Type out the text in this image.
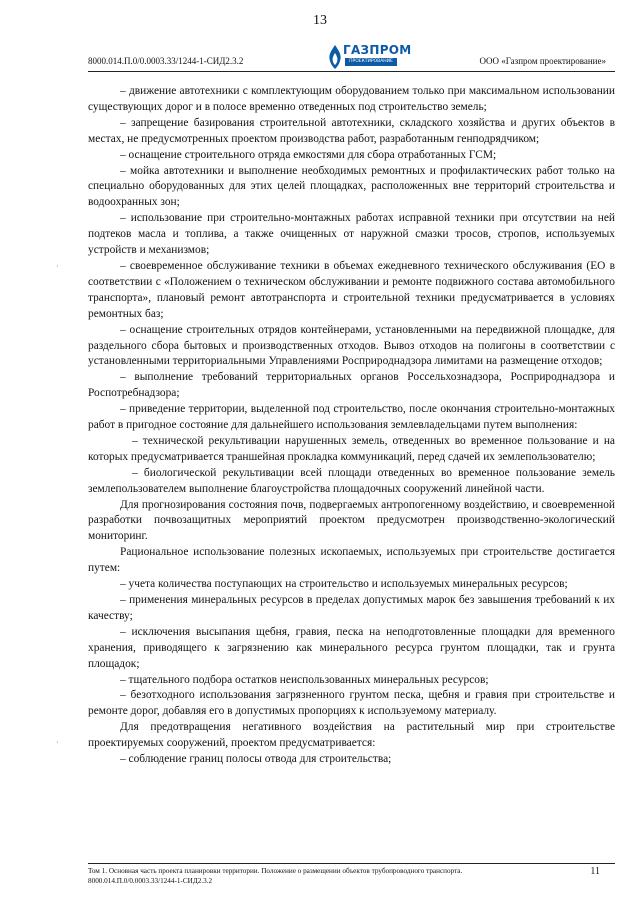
13
8000.014.П.0/0.0003.33/1244-1-СИД2.3.2
ГАЗПРОМ
ПРОЕКТИРОВАНИЕ	ООО «Газпром проектирование»

– движение автотехники с комплектующим оборудованием только при максимальном использовании существующих дорог и в полосе временно отведенных под строительство земель;

– запрещение базирования строительной автотехники, складского хозяйства и других объектов в местах, не предусмотренных проектом производства работ, разработанным генподрядчиком;

– оснащение строительного отряда емкостями для сбора отработанных ГСМ;

– мойка автотехники и выполнение необходимых ремонтных и профилактических работ только на специально оборудованных для этих целей площадках, расположенных вне территорий строительства и водоохранных зон;

– использование при строительно-монтажных работах исправной техники при отсутствии на ней подтеков масла и топлива, а также очищенных от наружной смазки тросов, стропов, используемых устройств и механизмов;

– своевременное обслуживание техники в объемах ежедневного технического обслуживания (ЕО в соответствии с «Положением о техническом обслуживании и ремонте подвижного состава автомобильного транспорта», плановый ремонт автотранспорта и строительной техники предусматривается в условиях ремонтных баз;

– оснащение строительных отрядов контейнерами, установленными на передвижной площадке, для раздельного сбора бытовых и производственных отходов. Вывоз отходов на полигоны в соответствии с установленными территориальными Управлениями Росприроднадзора лимитами на размещение отходов;

– выполнение требований территориальных органов Россельхознадзора, Росприроднадзора и Роспотребнадзора;

– приведение территории, выделенной под строительство, после окончания строительно-монтажных работ в пригодное состояние для дальнейшего использования землевладельцами путем выполнения:

– технической рекультивации нарушенных земель, отведенных во временное пользование и на которых предусматривается траншейная прокладка коммуникаций, перед сдачей их землепользователю;

– биологической рекультивации всей площади отведенных во временное пользование земель землепользователем выполнение благоустройства площадочных сооружений линейной части.

Для прогнозирования состояния почв, подвергаемых антропогенному воздействию, и своевременной разработки почвозащитных мероприятий проектом предусмотрен производственно-экологический мониторинг.

Рациональное использование полезных ископаемых, используемых при строительстве достигается путем:

– учета количества поступающих на строительство и используемых минеральных ресурсов;

– применения минеральных ресурсов в пределах допустимых марок без завышения требований к их качеству;

– исключения высыпания щебня, гравия, песка на неподготовленные площадки для временного хранения, приводящего к загрязнению как минерального ресурса грунтом площадки, так и грунта площадок;

– тщательного подбора остатков неиспользованных минеральных ресурсов;

– безотходного использования загрязненного грунтом песка, щебня и гравия при строительстве и ремонте дорог, добавляя его в допустимых пропорциях к используемому материалу.

Для предотвращения негативного воздействия на растительный мир при строительстве проектируемых сооружений, проектом предусматривается:

– соблюдение границ полосы отвода для строительства;

·
·
Том 1. Основная часть проекта планировки территории. Положение о размещении объектов трубопроводного транспорта.
8000.014.П.0/0.0003.33/1244-1-СИД2.3.2
11
